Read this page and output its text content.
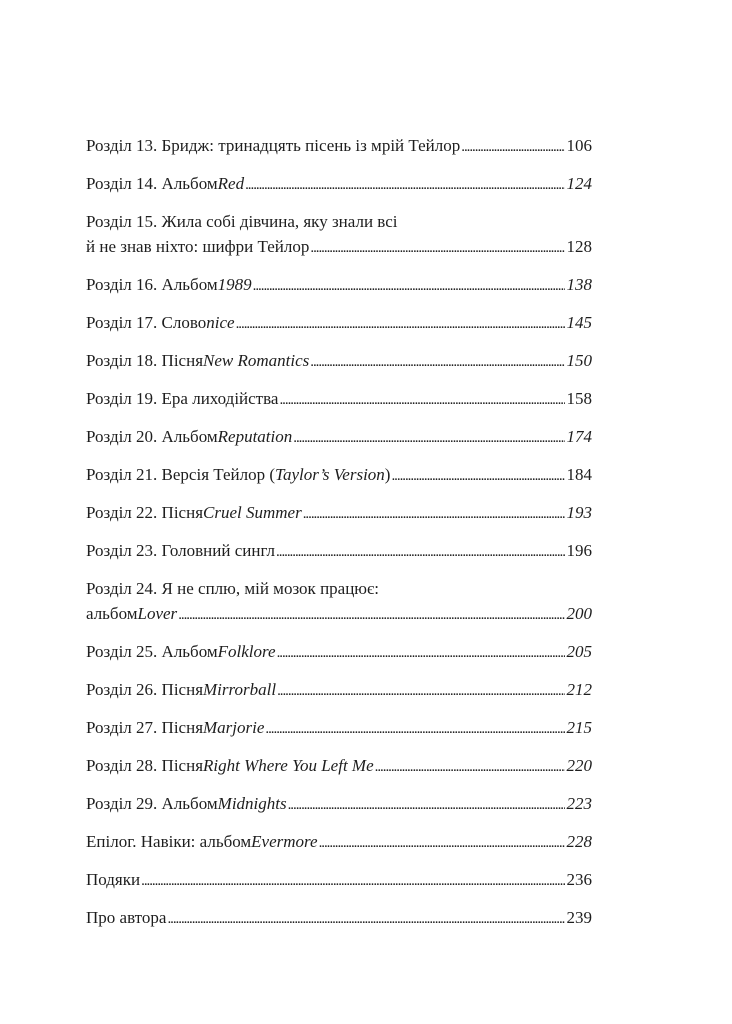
Розділ 13. Бридж: тринадцять пісень із мрій Тейлор . . .	106
Розділ 14. Альбом Red . . .	124
Розділ 15. Жила собі дівчина, яку знали всі
й не знав ніхто: шифри Тейлор . . .	128
Розділ 16. Альбом 1989 . . .	138
Розділ 17. Слово nice . . .	145
Розділ 18. Пісня New Romantics . . .	150
Розділ 19. Ера лиходійства . . .	158
Розділ 20. Альбом Reputation . . .	174
Розділ 21. Версія Тейлор ( Taylor’s Version ) . . .	184
Розділ 22. Пісня Cruel Summer . . .	193
Розділ 23. Головний сингл . . .	196
Розділ 24. Я не сплю, мій мозок працює:
альбом Lover . . .	200
Розділ 25. Альбом Folklore . . .	205
Розділ 26. Пісня Mirrorball . . .	212
Розділ 27. Пісня Marjorie . . .	215
Розділ 28. Пісня Right Where You Left Me . . .	220
Розділ 29. Альбом Midnights . . .	223
Епілог. Навіки: альбом Evermore . . .	228
Подяки . . .	236
Про автора . . .	239
